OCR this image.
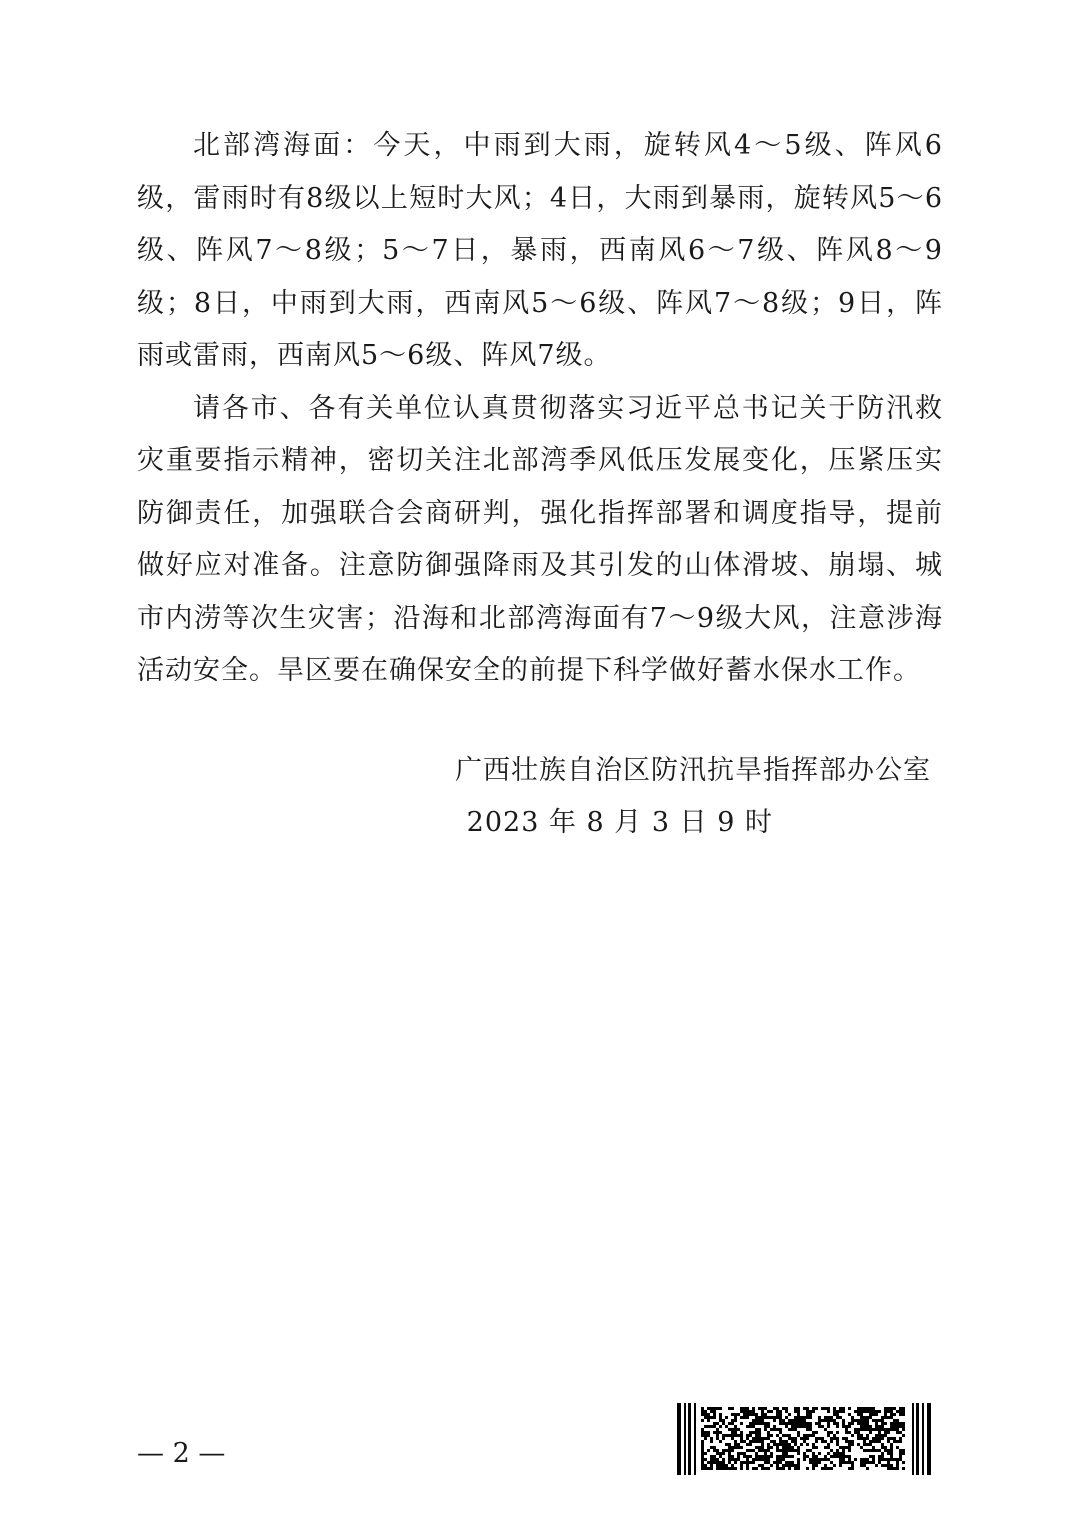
北部湾海面：今天，中雨到大雨，旋转风4～5级、阵风6级，雷雨时有8级以上短时大风；4日，大雨到暴雨，旋转风5～6级、阵风7～8级；5～7日，暴雨，西南风6～7级、阵风8～9级；8日，中雨到大雨，西南风5～6级、阵风7～8级；9日，阵雨或雷雨，西南风5～6级、阵风7级。

请各市、各有关单位认真贯彻落实习近平总书记关于防汛救灾重要指示精神，密切关注北部湾季风低压发展变化，压紧压实防御责任，加强联合会商研判，强化指挥部署和调度指导，提前做好应对准备。注意防御强降雨及其引发的山体滑坡、崩塌、城市内涝等次生灾害；沿海和北部湾海面有7～9级大风，注意涉海活动安全。旱区要在确保安全的前提下科学做好蓄水保水工作。

广西壮族自治区防汛抗旱指挥部办公室
2023 年 8 月 3 日 9 时
— 2 —
